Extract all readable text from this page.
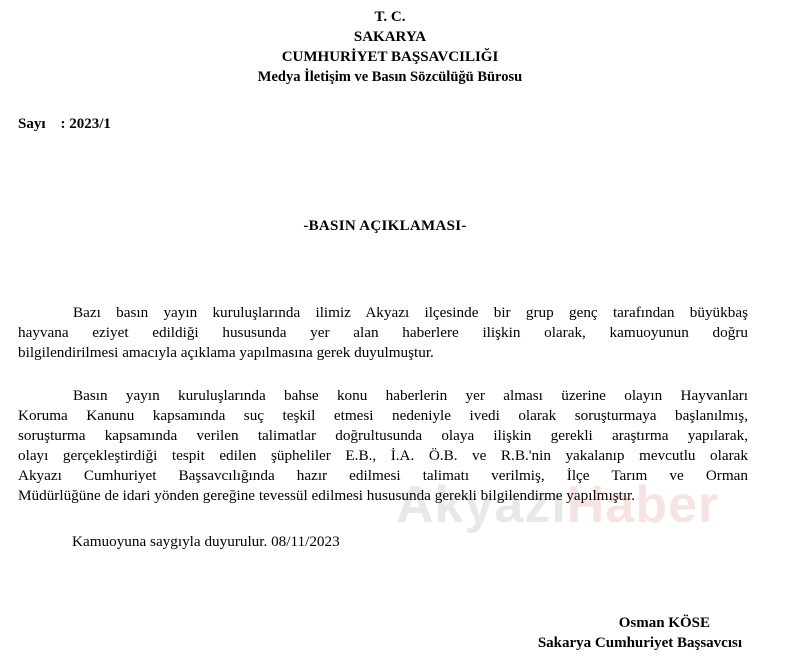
T. C.
SAKARYA
CUMHURİYET BAŞSAVCILIĞI
Medya İletişim ve Basın Sözcülüğü Bürosu
Sayı : 2023/1
-BASIN AÇIKLAMASI-
Bazı basın yayın kuruluşlarında ilimiz Akyazı ilçesinde bir grup genç tarafından büyükbaş
hayvana eziyet edildiği hususunda yer alan haberlere ilişkin olarak, kamuoyunun doğru
bilgilendirilmesi amacıyla açıklama yapılmasına gerek duyulmuştur.
Basın yayın kuruluşlarında bahse konu haberlerin yer alması üzerine olayın Hayvanları
Koruma Kanunu kapsamında suç teşkil etmesi nedeniyle ivedi olarak soruşturmaya başlanılmış,
soruşturma kapsamında verilen talimatlar doğrultusunda olaya ilişkin gerekli araştırma yapılarak,
olayı gerçekleştirdiği tespit edilen şüpheliler E.B., İ.A. Ö.B. ve R.B.'nin yakalanıp mevcutlu olarak
Akyazı Cumhuriyet Başsavcılığında hazır edilmesi talimatı verilmiş, İlçe Tarım ve Orman
Müdürlüğüne de idari yönden gereğine tevessül edilmesi hususunda gerekli bilgilendirme yapılmıştır.
AkyazıHaber
Kamuoyuna saygıyla duyurulur. 08/11/2023
Osman KÖSE
Sakarya Cumhuriyet Başsavcısı
